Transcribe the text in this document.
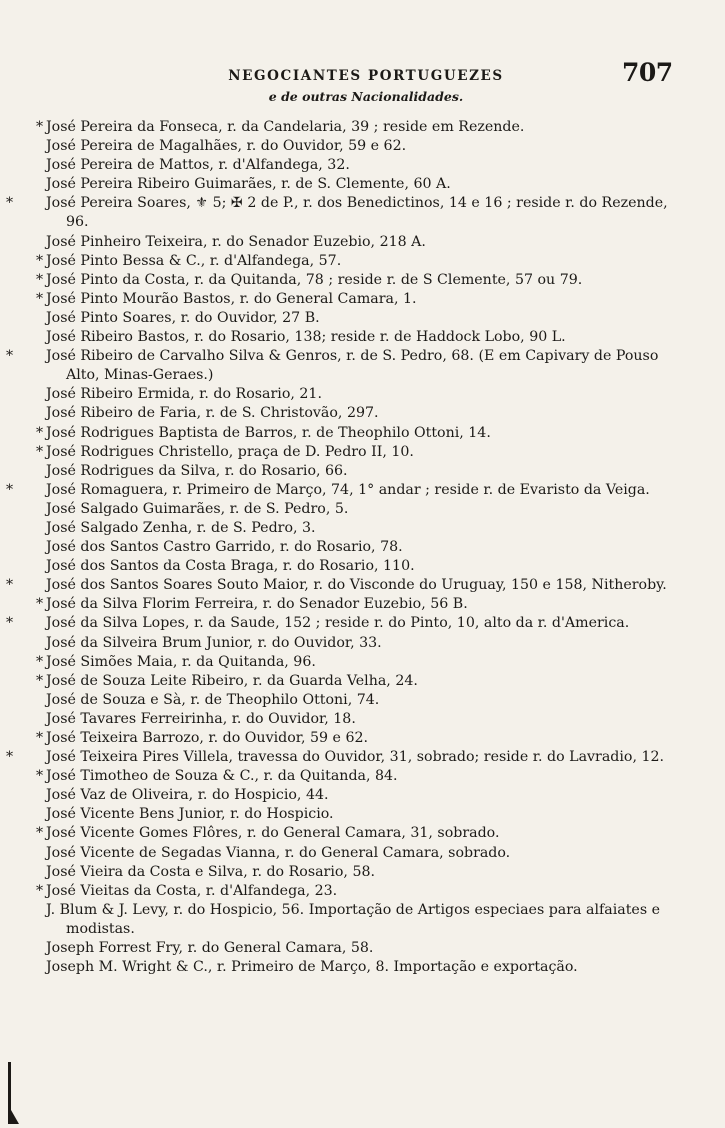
NEGOCIANTES PORTUGUEZES
e de outras Nacionalidades.
707

* José Pereira da Fonseca, r. da Candelaria, 39 ; reside em Rezende.

José Pereira de Magalhães, r. do Ouvidor, 59 e 62.

José Pereira de Mattos, r. d'Alfandega, 32.

José Pereira Ribeiro Guimarães, r. de S. Clemente, 60 A.

* José Pereira Soares, ⚜ 5; ✠ 2 de P., r. dos Benedictinos, 14 e 16 ; reside r. do Rezende, 96.

José Pinheiro Teixeira, r. do Senador Euzebio, 218 A.

* José Pinto Bessa & C., r. d'Alfandega, 57.

* José Pinto da Costa, r. da Quitanda, 78 ; reside r. de S Clemente, 57 ou 79.

* José Pinto Mourão Bastos, r. do General Camara, 1.

José Pinto Soares, r. do Ouvidor, 27 B.

José Ribeiro Bastos, r. do Rosario, 138; reside r. de Haddock Lobo, 90 L.

* José Ribeiro de Carvalho Silva & Genros, r. de S. Pedro, 68. (E em Capivary de Pouso Alto, Minas-Geraes.)

José Ribeiro Ermida, r. do Rosario, 21.

José Ribeiro de Faria, r. de S. Christovão, 297.

* José Rodrigues Baptista de Barros, r. de Theophilo Ottoni, 14.

* José Rodrigues Christello, praça de D. Pedro II, 10.

José Rodrigues da Silva, r. do Rosario, 66.

* José Romaguera, r. Primeiro de Março, 74, 1° andar ; reside r. de Evaristo da Veiga.

José Salgado Guimarães, r. de S. Pedro, 5.

José Salgado Zenha, r. de S. Pedro, 3.

José dos Santos Castro Garrido, r. do Rosario, 78.

José dos Santos da Costa Braga, r. do Rosario, 110.

* José dos Santos Soares Souto Maior, r. do Visconde do Uruguay, 150 e 158, Nitheroby.

* José da Silva Florim Ferreira, r. do Senador Euzebio, 56 B.

* José da Silva Lopes, r. da Saude, 152 ; reside r. do Pinto, 10, alto da r. d'America.

José da Silveira Brum Junior, r. do Ouvidor, 33.

* José Simões Maia, r. da Quitanda, 96.

* José de Souza Leite Ribeiro, r. da Guarda Velha, 24.

José de Souza e Sà, r. de Theophilo Ottoni, 74.

José Tavares Ferreirinha, r. do Ouvidor, 18.

* José Teixeira Barrozo, r. do Ouvidor, 59 e 62.

* José Teixeira Pires Villela, travessa do Ouvidor, 31, sobrado; reside r. do Lavradio, 12.

* José Timotheo de Souza & C., r. da Quitanda, 84.

José Vaz de Oliveira, r. do Hospicio, 44.

José Vicente Bens Junior, r. do Hospicio.

* José Vicente Gomes Flôres, r. do General Camara, 31, sobrado.

José Vicente de Segadas Vianna, r. do General Camara, sobrado.

José Vieira da Costa e Silva, r. do Rosario, 58.

* José Vieitas da Costa, r. d'Alfandega, 23.

J. Blum & J. Levy, r. do Hospicio, 56. Importação de Artigos especiaes para alfaiates e modistas.

Joseph Forrest Fry, r. do General Camara, 58.

Joseph M. Wright & C., r. Primeiro de Março, 8. Importação e exportação.
